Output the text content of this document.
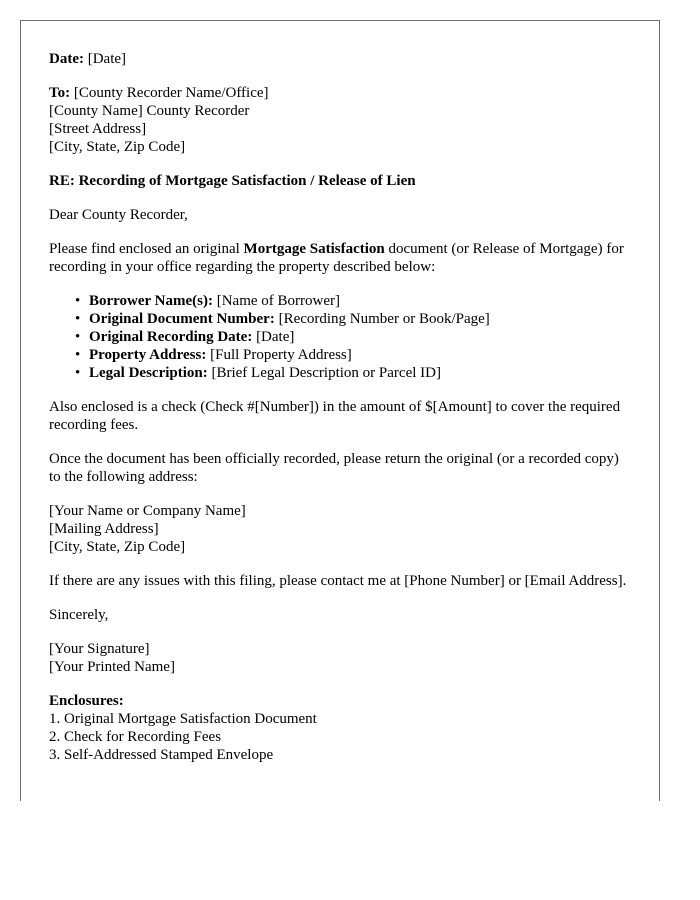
Date: [Date]

To: [County Recorder Name/Office]
[County Name] County Recorder
[Street Address]
[City, State, Zip Code]

RE: Recording of Mortgage Satisfaction / Release of Lien

Dear County Recorder,

Please find enclosed an original Mortgage Satisfaction document (or Release of Mortgage) for recording in your office regarding the property described below:

• Borrower Name(s): [Name of Borrower]
• Original Document Number: [Recording Number or Book/Page]
• Original Recording Date: [Date]
• Property Address: [Full Property Address]
• Legal Description: [Brief Legal Description or Parcel ID]

Also enclosed is a check (Check #[Number]) in the amount of $[Amount] to cover the required recording fees.

Once the document has been officially recorded, please return the original (or a recorded copy) to the following address:

[Your Name or Company Name]
[Mailing Address]
[City, State, Zip Code]

If there are any issues with this filing, please contact me at [Phone Number] or [Email Address].

Sincerely,

[Your Signature]
[Your Printed Name]

Enclosures:
1. Original Mortgage Satisfaction Document
2. Check for Recording Fees
3. Self-Addressed Stamped Envelope
